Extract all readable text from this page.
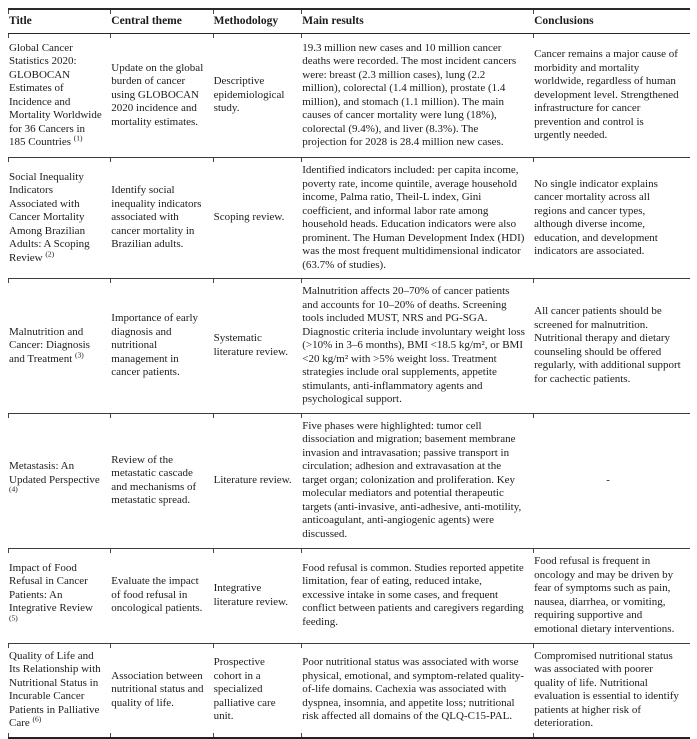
Title	Central theme	Methodology	Main results	Conclusions
Global Cancer Statistics 2020: GLOBOCAN Estimates of Incidence and Mortality Worldwide for 36 Cancers in 185 Countries $^{(1)}$	Update on the global burden of cancer using GLOBOCAN 2020 incidence and mortality estimates.	Descriptive epidemiological study.	19.3 million new cases and 10 million cancer deaths were recorded. The most incident cancers were: breast (2.3 million cases), lung (2.2 million), colorectal (1.4 million), prostate (1.4 million), and stomach (1.1 million). The main causes of cancer mortality were lung (18%), colorectal (9.4%), and liver (8.3%). The projection for 2028 is 28.4 million new cases.	Cancer remains a major cause of morbidity and mortality worldwide, regardless of human development level. Strengthened infrastructure for cancer prevention and control is urgently needed.
Social Inequality Indicators Associated with Cancer Mortality Among Brazilian Adults: A Scoping Review $^{(2)}$	Identify social inequality indicators associated with cancer mortality in Brazilian adults.	Scoping review.	Identified indicators included: per capita income, poverty rate, income quintile, average household income, Palma ratio, Theil-L index, Gini coefficient, and informal labor rate among household heads. Education indicators were also prominent. The Human Development Index (HDI) was the most frequent multidimensional indicator (63.7% of studies).	No single indicator explains cancer mortality across all regions and cancer types, although diverse income, education, and development indicators are associated.
Malnutrition and Cancer: Diagnosis and Treatment $^{(3)}$	Importance of early diagnosis and nutritional management in cancer patients.	Systematic literature review.	Malnutrition affects 20–70% of cancer patients and accounts for 10–20% of deaths. Screening tools included MUST, NRS and PG-SGA. Diagnostic criteria include involuntary weight loss (>10% in 3–6 months), BMI <18.5 kg/m², or BMI <20 kg/m² with >5% weight loss. Treatment strategies include oral supplements, appetite stimulants, anti-inflammatory agents and psychological support.	All cancer patients should be screened for malnutrition. Nutritional therapy and dietary counseling should be offered regularly, with additional support for cachectic patients.
Metastasis: An Updated Perspective $^{(4)}$	Review of the metastatic cascade and mechanisms of metastatic spread.	Literature review.	Five phases were highlighted: tumor cell dissociation and migration; basement membrane invasion and intravasation; passive transport in circulation; adhesion and extravasation at the target organ; colonization and proliferation. Key molecular mediators and potential therapeutic targets (anti-invasive, anti-adhesive, anti-motility, anticoagulant, anti-angiogenic agents) were discussed.	-
Impact of Food Refusal in Cancer Patients: An Integrative Review $^{(5)}$	Evaluate the impact of food refusal in oncological patients.	Integrative literature review.	Food refusal is common. Studies reported appetite limitation, fear of eating, reduced intake, excessive intake in some cases, and frequent conflict between patients and caregivers regarding feeding.	Food refusal is frequent in oncology and may be driven by fear of symptoms such as pain, nausea, diarrhea, or vomiting, requiring supportive and emotional dietary interventions.
Quality of Life and Its Relationship with Nutritional Status in Incurable Cancer Patients in Palliative Care $^{(6)}$	Association between nutritional status and quality of life.	Prospective cohort in a specialized palliative care unit.	Poor nutritional status was associated with worse physical, emotional, and symptom-related quality-of-life domains. Cachexia was associated with dyspnea, insomnia, and appetite loss; nutritional risk affected all domains of the QLQ-C15-PAL.	Compromised nutritional status was associated with poorer quality of life. Nutritional evaluation is essential to identify patients at higher risk of deterioration.
